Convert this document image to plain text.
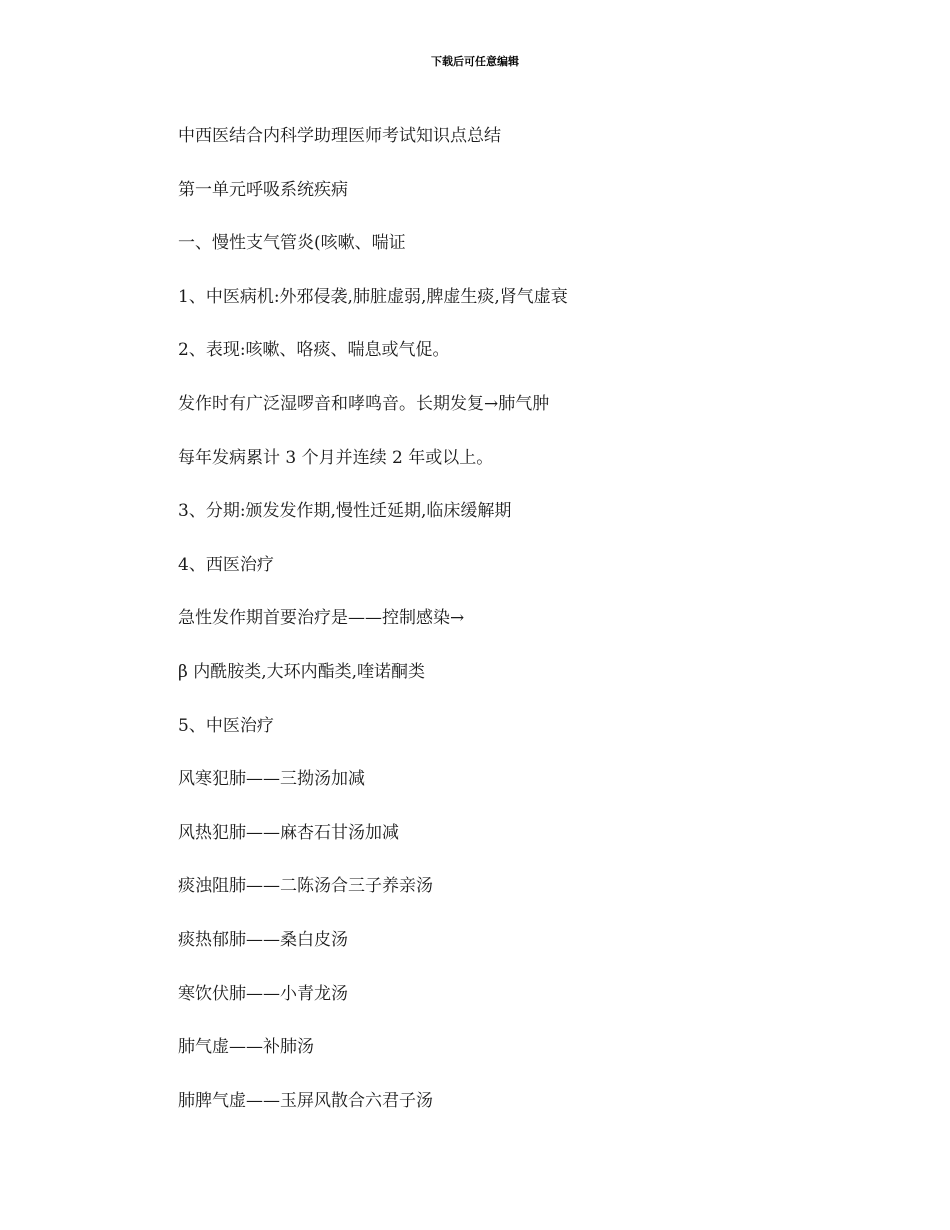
下载后可任意编辑
中西医结合内科学助理医师考试知识点总结
第一单元呼吸系统疾病
一、慢性支气管炎(咳嗽、喘证
1、中医病机:外邪侵袭,肺脏虚弱,脾虚生痰,肾气虚衰
2、表现:咳嗽、咯痰、喘息或气促。
发作时有广泛湿啰音和哮鸣音。长期发复→肺气肿
每年发病累计 3 个月并连续 2 年或以上。
3、分期:颁发发作期,慢性迁延期,临床缓解期
4、西医治疗
急性发作期首要治疗是——控制感染→
β 内酰胺类,大环内酯类,喹诺酮类
5、中医治疗
风寒犯肺——三拗汤加减
风热犯肺——麻杏石甘汤加减
痰浊阻肺——二陈汤合三子养亲汤
痰热郁肺——桑白皮汤
寒饮伏肺——小青龙汤
肺气虚——补肺汤
肺脾气虚——玉屏风散合六君子汤
